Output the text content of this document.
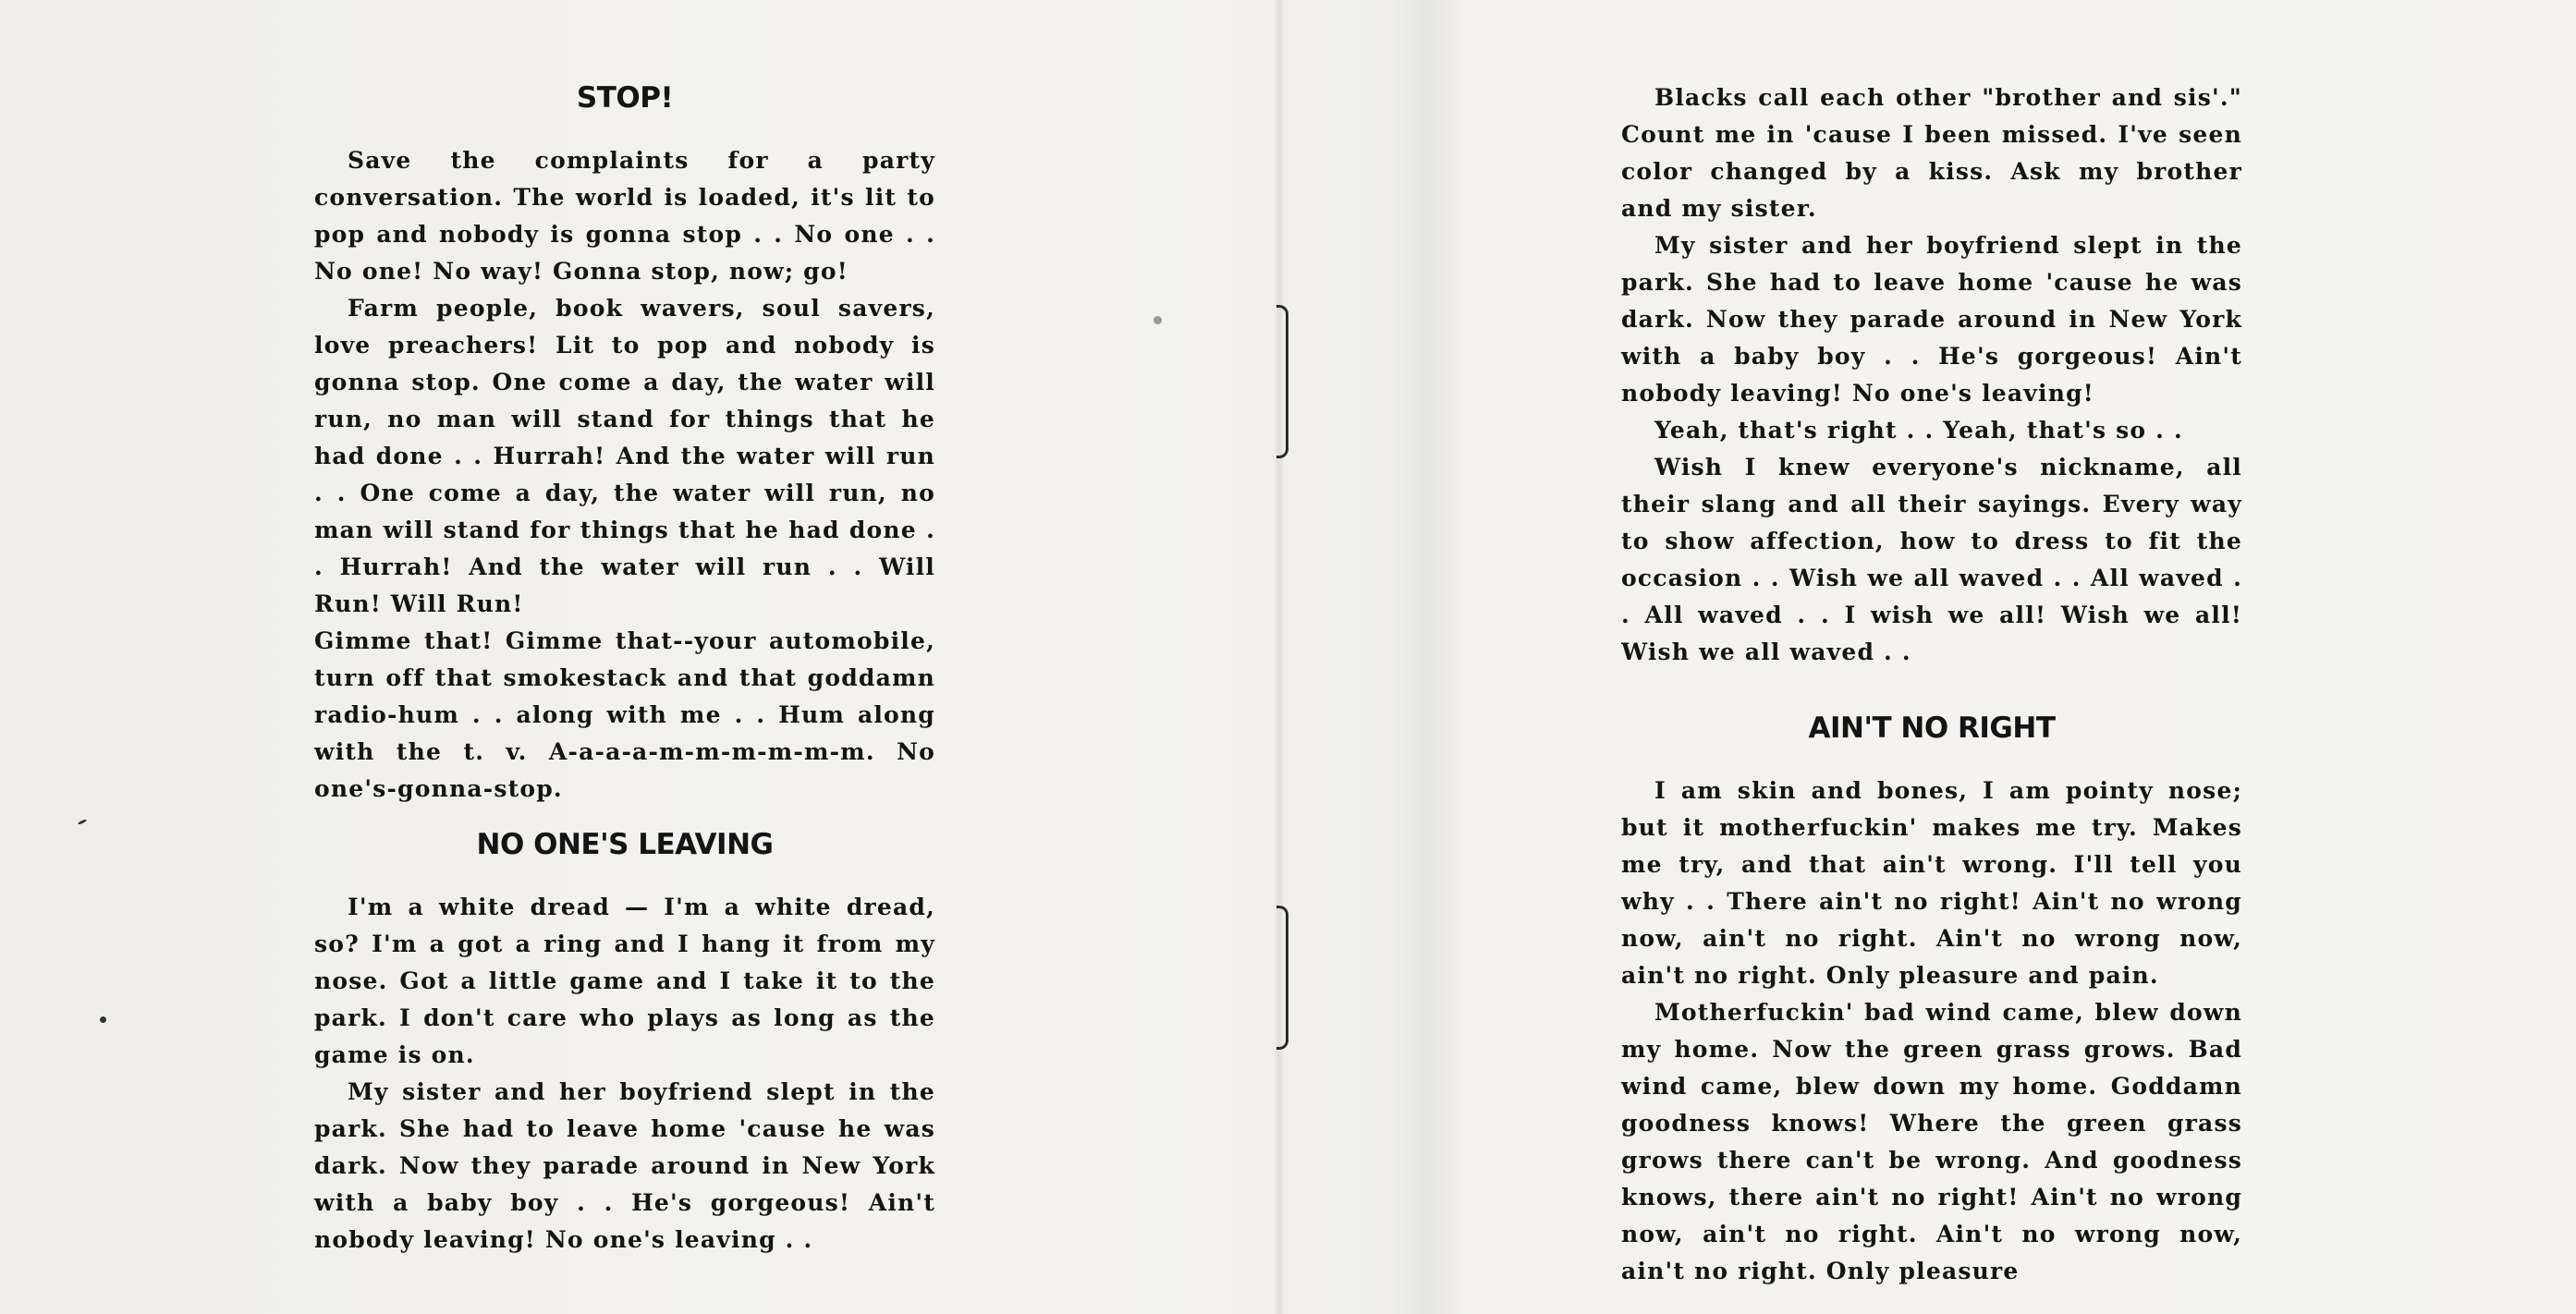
STOP!

Save the complaints for a party conversation. The world is loaded, it's lit to pop and nobody is gonna stop . . No one . . No one! No way! Gonna stop, now; go!

Farm people, book wavers, soul savers, love preachers! Lit to pop and nobody is gonna stop. One come a day, the water will run, no man will stand for things that he had done . . Hurrah! And the water will run . . One come a day, the water will run, no man will stand for things that he had done . . Hurrah! And the water will run . . Will Run! Will Run!

Gimme that! Gimme that--your automobile, turn off that smokestack and that goddamn radio-hum . . along with me . . Hum along with the t. v. A-a-a-a-m-m-m-m-m-m. No one's-gonna-stop.

NO ONE'S LEAVING

I'm a white dread — I'm a white dread, so? I'm a got a ring and I hang it from my nose. Got a little game and I take it to the park. I don't care who plays as long as the game is on.

My sister and her boyfriend slept in the park. She had to leave home 'cause he was dark. Now they parade around in New York with a baby boy . . He's gorgeous! Ain't nobody leaving! No one's leaving . .

Blacks call each other "brother and sis'." Count me in 'cause I been missed. I've seen color changed by a kiss. Ask my brother and my sister.

My sister and her boyfriend slept in the park. She had to leave home 'cause he was dark. Now they parade around in New York with a baby boy . . He's gorgeous! Ain't nobody leaving! No one's leaving!

Yeah, that's right . . Yeah, that's so . .

Wish I knew everyone's nickname, all their slang and all their sayings. Every way to show affection, how to dress to fit the occasion . . Wish we all waved . . All waved . . All waved . . I wish we all! Wish we all! Wish we all waved . .

AIN'T NO RIGHT

I am skin and bones, I am pointy nose; but it motherfuckin' makes me try. Makes me try, and that ain't wrong. I'll tell you why . . There ain't no right! Ain't no wrong now, ain't no right. Ain't no wrong now, ain't no right. Only pleasure and pain.

Motherfuckin' bad wind came, blew down my home. Now the green grass grows. Bad wind came, blew down my home. Goddamn goodness knows! Where the green grass grows there can't be wrong. And goodness knows, there ain't no right! Ain't no wrong now, ain't no right. Ain't no wrong now, ain't no right. Only pleasure
